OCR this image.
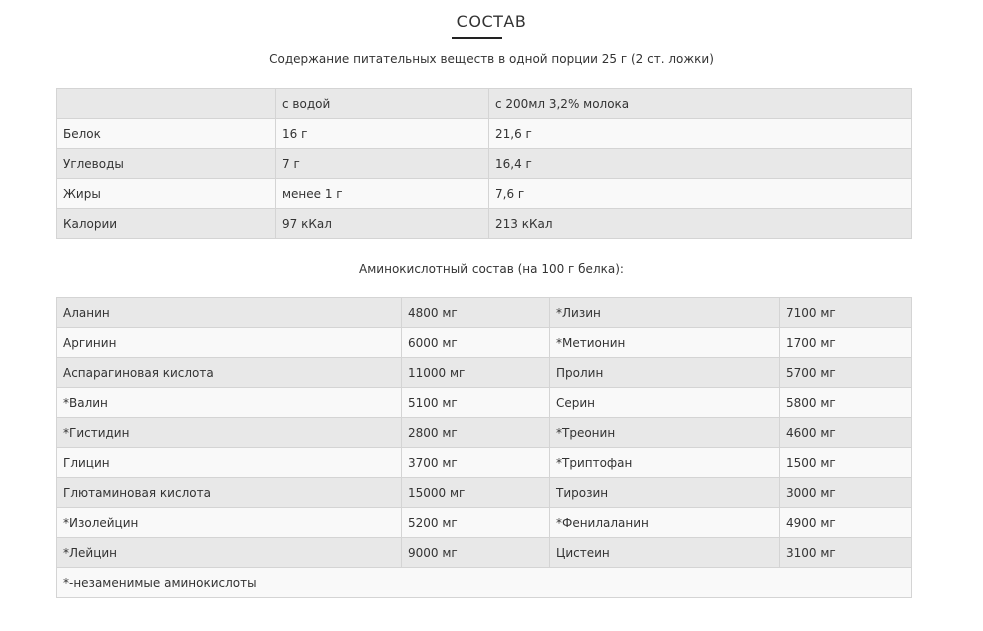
СОСТАВ
Содержание питательных веществ в одной порции 25 г (2 ст. ложки)
	с водой	с 200мл 3,2% молока
Белок	16 г	21,6 г
Углеводы	7 г	16,4 г
Жиры	менее 1 г	7,6 г
Калории	97 кКал	213 кКал
Аминокислотный состав (на 100 г белка):
Аланин	4800 мг	*Лизин	7100 мг
Аргинин	6000 мг	*Метионин	1700 мг
Аспарагиновая кислота	11000 мг	Пролин	5700 мг
*Валин	5100 мг	Серин	5800 мг
*Гистидин	2800 мг	*Треонин	4600 мг
Глицин	3700 мг	*Триптофан	1500 мг
Глютаминовая кислота	15000 мг	Тирозин	3000 мг
*Изолейцин	5200 мг	*Фенилаланин	4900 мг
*Лейцин	9000 мг	Цистеин	3100 мг
*-незаменимые аминокислоты			
